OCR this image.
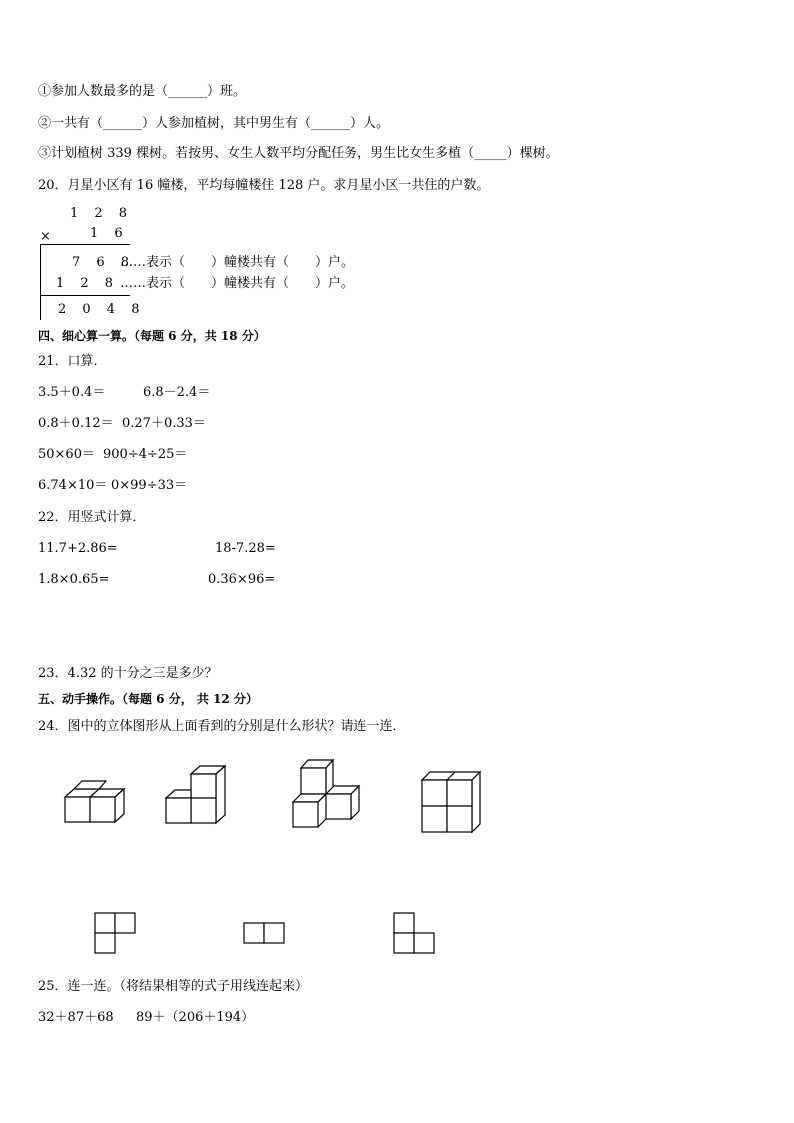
①参加人数最多的是（______）班。
②一共有（______）人参加植树，其中男生有（______）人。
③计划植树 339 棵树。若按男、女生人数平均分配任务，男生比女生多植（_____）棵树。
20．月星小区有 16 幢楼，平均每幢楼住 128 户。求月星小区一共住的户数。
1 2 8
×	1 6
7 6 8
……表示（　　）幢楼共有（　　）户。
1 2 8 ……表示（　　）幢楼共有（　　）户。
2 0 4 8
四、细心算一算。（每题 6 分，共 18 分）
21．口算．
3.5＋0.4＝	6.8－2.4＝
0.8＋0.12＝ 0.27＋0.33＝
50×60＝ 900÷4÷25＝
6.74×10＝ 0×99÷33＝
22．用竖式计算．
11.7+2.86=	18-7.28=
1.8×0.65=	0.36×96=
23．4.32 的十分之三是多少？
五、动手操作。（每题 6 分， 共 12 分）
24．图中的立体图形从上面看到的分别是什么形状？请连一连．
25．连一连。（将结果相等的式子用线连起来）
32＋87＋68 89＋（206＋194）
